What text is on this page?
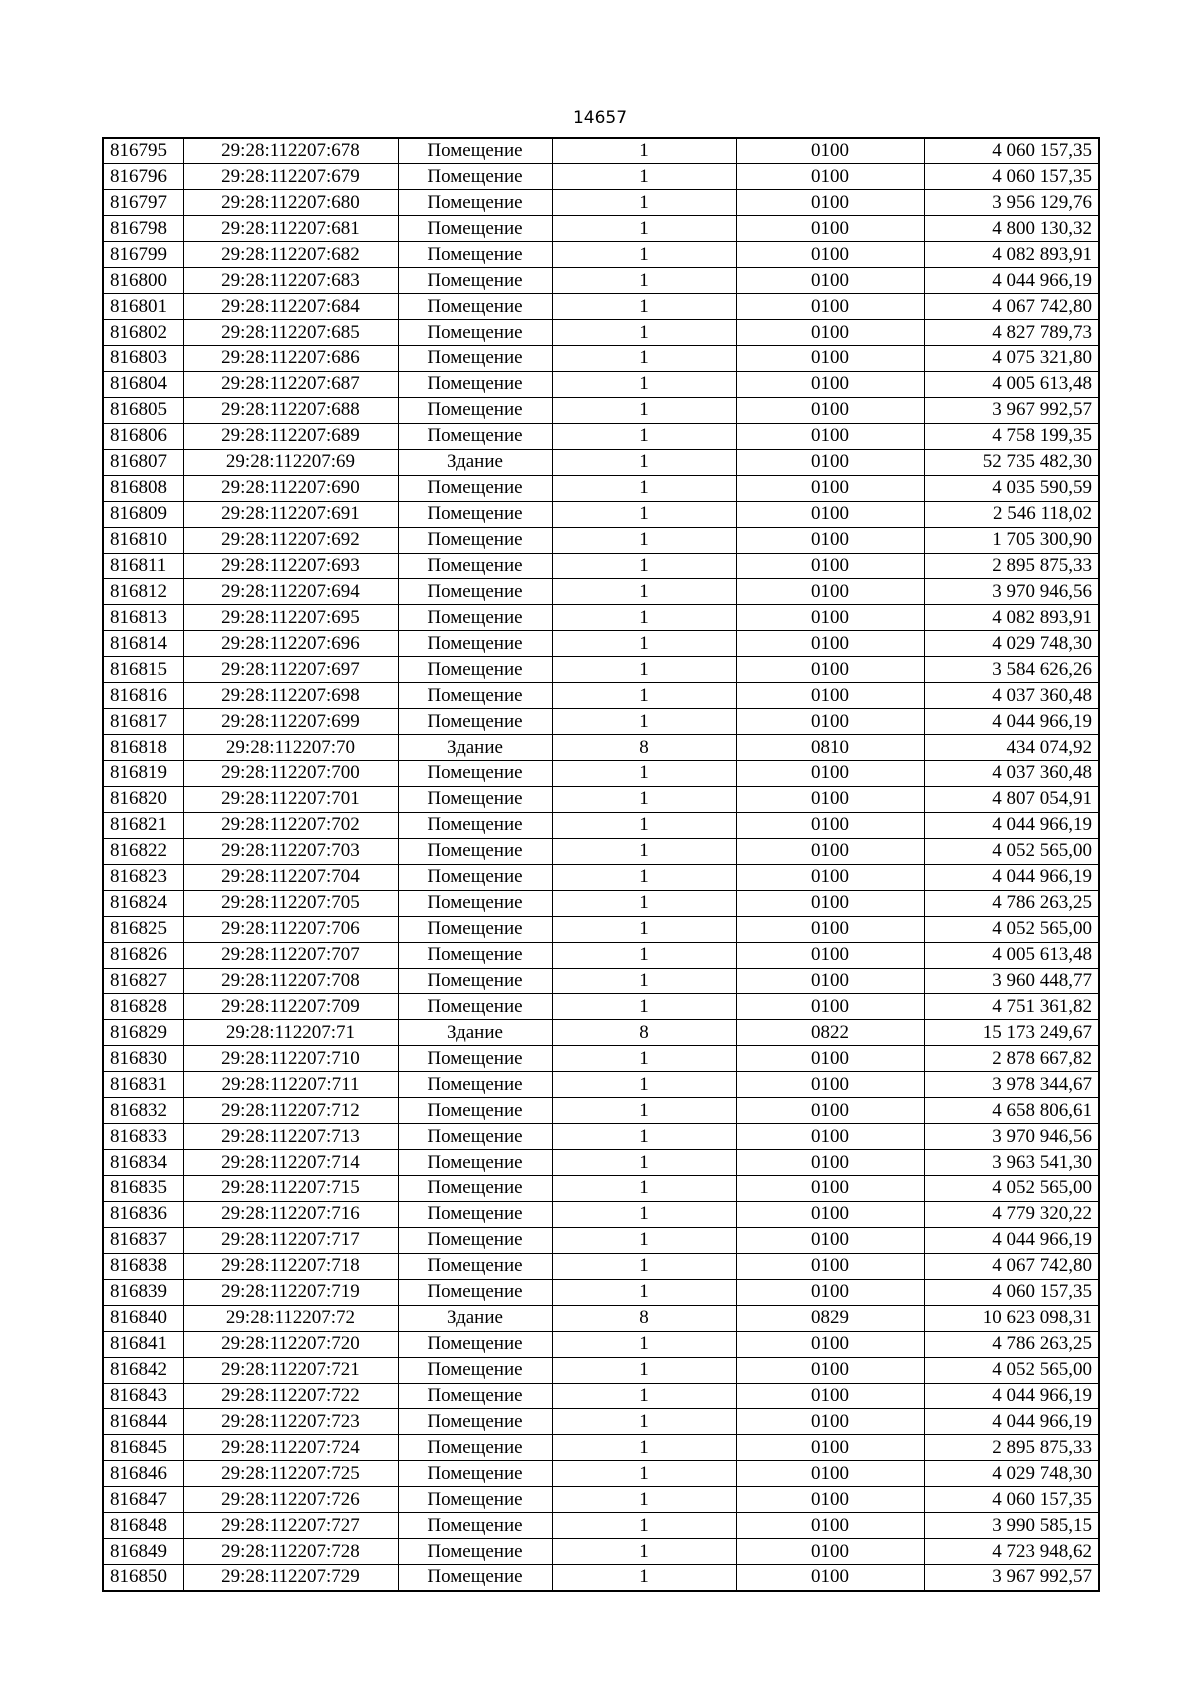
14657
816795	29:28:112207:678	Помещение	1	0100	4 060 157,35
816796	29:28:112207:679	Помещение	1	0100	4 060 157,35
816797	29:28:112207:680	Помещение	1	0100	3 956 129,76
816798	29:28:112207:681	Помещение	1	0100	4 800 130,32
816799	29:28:112207:682	Помещение	1	0100	4 082 893,91
816800	29:28:112207:683	Помещение	1	0100	4 044 966,19
816801	29:28:112207:684	Помещение	1	0100	4 067 742,80
816802	29:28:112207:685	Помещение	1	0100	4 827 789,73
816803	29:28:112207:686	Помещение	1	0100	4 075 321,80
816804	29:28:112207:687	Помещение	1	0100	4 005 613,48
816805	29:28:112207:688	Помещение	1	0100	3 967 992,57
816806	29:28:112207:689	Помещение	1	0100	4 758 199,35
816807	29:28:112207:69	Здание	1	0100	52 735 482,30
816808	29:28:112207:690	Помещение	1	0100	4 035 590,59
816809	29:28:112207:691	Помещение	1	0100	2 546 118,02
816810	29:28:112207:692	Помещение	1	0100	1 705 300,90
816811	29:28:112207:693	Помещение	1	0100	2 895 875,33
816812	29:28:112207:694	Помещение	1	0100	3 970 946,56
816813	29:28:112207:695	Помещение	1	0100	4 082 893,91
816814	29:28:112207:696	Помещение	1	0100	4 029 748,30
816815	29:28:112207:697	Помещение	1	0100	3 584 626,26
816816	29:28:112207:698	Помещение	1	0100	4 037 360,48
816817	29:28:112207:699	Помещение	1	0100	4 044 966,19
816818	29:28:112207:70	Здание	8	0810	434 074,92
816819	29:28:112207:700	Помещение	1	0100	4 037 360,48
816820	29:28:112207:701	Помещение	1	0100	4 807 054,91
816821	29:28:112207:702	Помещение	1	0100	4 044 966,19
816822	29:28:112207:703	Помещение	1	0100	4 052 565,00
816823	29:28:112207:704	Помещение	1	0100	4 044 966,19
816824	29:28:112207:705	Помещение	1	0100	4 786 263,25
816825	29:28:112207:706	Помещение	1	0100	4 052 565,00
816826	29:28:112207:707	Помещение	1	0100	4 005 613,48
816827	29:28:112207:708	Помещение	1	0100	3 960 448,77
816828	29:28:112207:709	Помещение	1	0100	4 751 361,82
816829	29:28:112207:71	Здание	8	0822	15 173 249,67
816830	29:28:112207:710	Помещение	1	0100	2 878 667,82
816831	29:28:112207:711	Помещение	1	0100	3 978 344,67
816832	29:28:112207:712	Помещение	1	0100	4 658 806,61
816833	29:28:112207:713	Помещение	1	0100	3 970 946,56
816834	29:28:112207:714	Помещение	1	0100	3 963 541,30
816835	29:28:112207:715	Помещение	1	0100	4 052 565,00
816836	29:28:112207:716	Помещение	1	0100	4 779 320,22
816837	29:28:112207:717	Помещение	1	0100	4 044 966,19
816838	29:28:112207:718	Помещение	1	0100	4 067 742,80
816839	29:28:112207:719	Помещение	1	0100	4 060 157,35
816840	29:28:112207:72	Здание	8	0829	10 623 098,31
816841	29:28:112207:720	Помещение	1	0100	4 786 263,25
816842	29:28:112207:721	Помещение	1	0100	4 052 565,00
816843	29:28:112207:722	Помещение	1	0100	4 044 966,19
816844	29:28:112207:723	Помещение	1	0100	4 044 966,19
816845	29:28:112207:724	Помещение	1	0100	2 895 875,33
816846	29:28:112207:725	Помещение	1	0100	4 029 748,30
816847	29:28:112207:726	Помещение	1	0100	4 060 157,35
816848	29:28:112207:727	Помещение	1	0100	3 990 585,15
816849	29:28:112207:728	Помещение	1	0100	4 723 948,62
816850	29:28:112207:729	Помещение	1	0100	3 967 992,57
